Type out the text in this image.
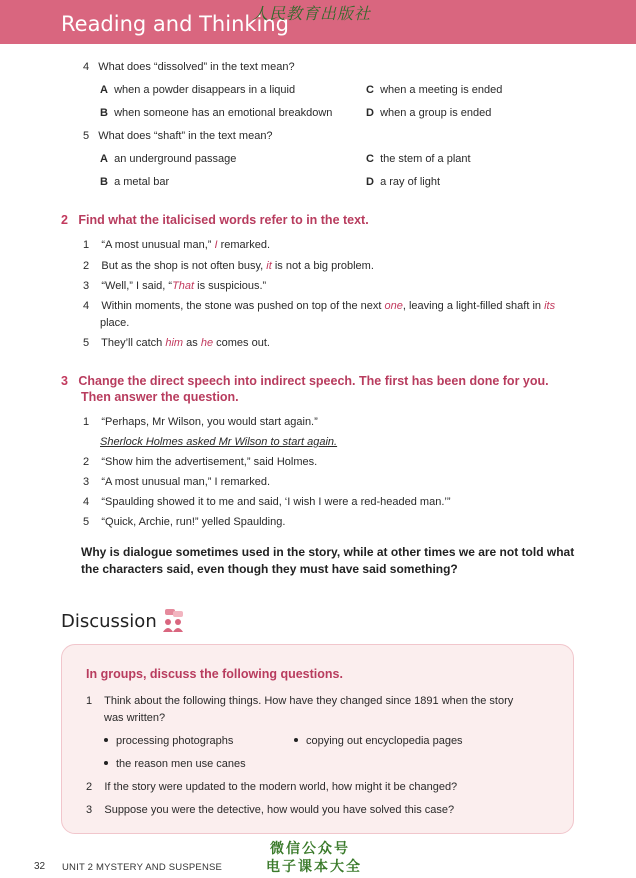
Reading and Thinking
人民教育出版社
4 What does “dissolved” in the text mean?
A when a powder disappears in a liquid	C when a meeting is ended
B when someone has an emotional breakdown	D when a group is ended
5 What does “shaft” in the text mean?
A an underground passage	C the stem of a plant
B a metal bar	D a ray of light
2 Find what the italicised words refer to in the text.
1 “A most unusual man,” I remarked.
2 But as the shop is not often busy, it is not a big problem.
3 “Well,” I said, “That is suspicious.”
4 Within moments, the stone was pushed on top of the next one, leaving a light-filled shaft in its
place.
5 They’ll catch him as he comes out.
3 Change the direct speech into indirect speech. The first has been done for you.
Then answer the question.
1 “Perhaps, Mr Wilson, you would start again.”
Sherlock Holmes asked Mr Wilson to start again.
2 “Show him the advertisement,” said Holmes.
3 “A most unusual man,” I remarked.
4 “Spaulding showed it to me and said, ‘I wish I were a red-headed man.’”
5 “Quick, Archie, run!” yelled Spaulding.
Why is dialogue sometimes used in the story, while at other times we are not told what the characters said, even though they must have said something?
Discussion
In groups, discuss the following questions.
1 Think about the following things. How have they changed since 1891 when the story
was written?
processing photographs	copying out encyclopedia pages
the reason men use canes
2 If the story were updated to the modern world, how might it be changed?
3 Suppose you were the detective, how would you have solved this case?
32 UNIT 2 MYSTERY AND SUSPENSE
微信公众号
电子课本大全
